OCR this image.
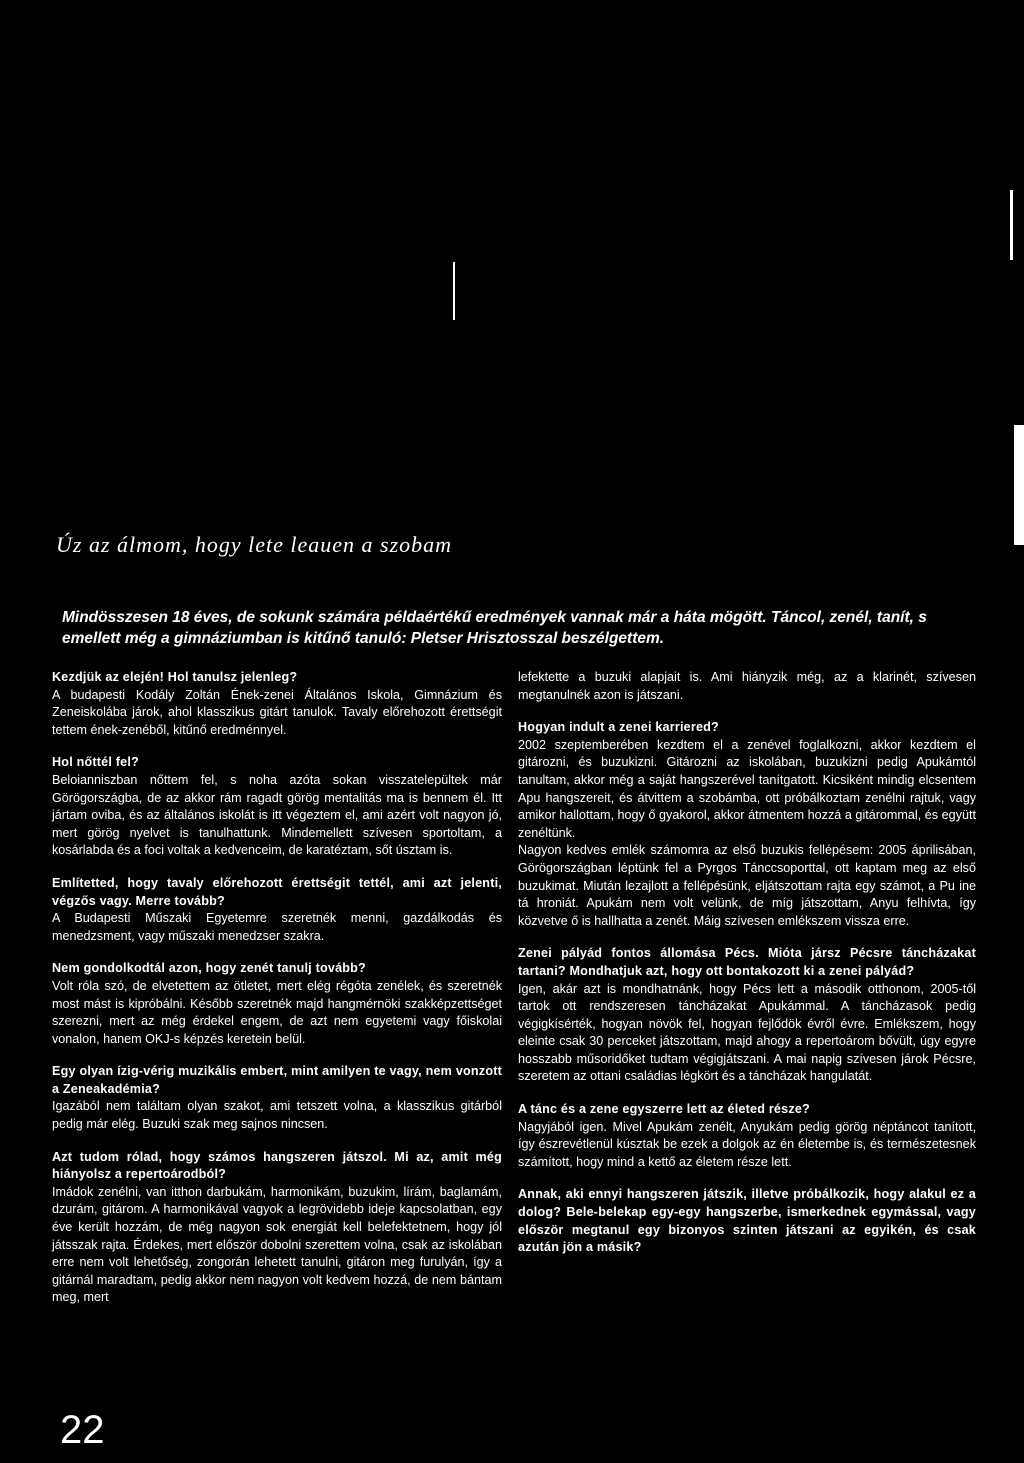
Úz az álmom, hogy lete leauen a szobam
Mindösszesen 18 éves, de sokunk számára példaértékű eredmények vannak már a háta mögött. Táncol, zenél, tanít, s emellett még a gimnáziumban is kitűnő tanuló: Pletser Hrisztosszal beszélgettem.

Kezdjük az elején! Hol tanulsz jelenleg?

A budapesti Kodály Zoltán Ének-zenei Általános Iskola, Gimnázium és Zeneiskolába járok, ahol klasszikus gitárt tanulok. Tavaly előrehozott érettségit tettem ének-zenéből, kitűnő eredménnyel.

Hol nőttél fel?

Beloianniszban nőttem fel, s noha azóta sokan visszatelepültek már Görögországba, de az akkor rám ragadt görög mentalitás ma is bennem él. Itt jártam oviba, és az általános iskolát is itt végeztem el, ami azért volt nagyon jó, mert görög nyelvet is tanulhattunk. Mindemellett szívesen sportoltam, a kosárlabda és a foci voltak a kedvenceim, de karatéztam, sőt úsztam is.

Említetted, hogy tavaly előrehozott érettségit tettél, ami azt jelenti, végzős vagy. Merre tovább?

A Budapesti Műszaki Egyetemre szeretnék menni, gazdálkodás és menedzsment, vagy műszaki menedzser szakra.

Nem gondolkodtál azon, hogy zenét tanulj tovább?

Volt róla szó, de elvetettem az ötletet, mert elég régóta zenélek, és szeretnék most mást is kipróbálni. Később szeretnék majd hangmérnöki szakképzettséget szerezni, mert az még érdekel engem, de azt nem egyetemi vagy főiskolai vonalon, hanem OKJ-s képzés keretein belül.

Egy olyan ízig-vérig muzikális embert, mint amilyen te vagy, nem vonzott a Zeneakadémia?

Igazából nem találtam olyan szakot, ami tetszett volna, a klasszikus gitárból pedig már elég. Buzuki szak meg sajnos nincsen.

Azt tudom rólad, hogy számos hangszeren játszol. Mi az, amit még hiányolsz a repertoárodból?

Imádok zenélni, van itthon darbukám, harmonikám, buzukim, lírám, baglamám, dzurám, gitárom. A harmonikával vagyok a legrövidebb ideje kapcsolatban, egy éve került hozzám, de még nagyon sok energiát kell belefektetnem, hogy jól játsszak rajta. Érdekes, mert először dobolni szerettem volna, csak az iskolában erre nem volt lehetőség, zongorán lehetett tanulni, gitáron meg furulyán, így a gitárnál maradtam, pedig akkor nem nagyon volt kedvem hozzá, de nem bántam meg, mert

lefektette a buzuki alapjait is. Ami hiányzik még, az a klarinét, szívesen megtanulnék azon is játszani.

Hogyan indult a zenei karriered?

2002 szeptemberében kezdtem el a zenével foglalkozni, akkor kezdtem el gitározni, és buzukizni. Gitározni az iskolában, buzukizni pedig Apukámtól tanultam, akkor még a saját hangszerével tanítgatott. Kicsiként mindig elcsentem Apu hangszereit, és átvittem a szobámba, ott próbálkoztam zenélni rajtuk, vagy amikor hallottam, hogy ő gyakorol, akkor átmentem hozzá a gitárommal, és együtt zenéltünk.

Nagyon kedves emlék számomra az első buzukis fellépésem: 2005 áprilisában, Görögországban léptünk fel a Pyrgos Tánccsoporttal, ott kaptam meg az első buzukimat. Miután lezajlott a fellépésünk, eljátszottam rajta egy számot, a Pu ine tá hroniát. Apukám nem volt velünk, de míg játszottam, Anyu felhívta, így közvetve ő is hallhatta a zenét. Máig szívesen emlékszem vissza erre.

Zenei pályád fontos állomása Pécs. Mióta jársz Pécsre táncházakat tartani? Mondhatjuk azt, hogy ott bontakozott ki a zenei pályád?

Igen, akár azt is mondhatnánk, hogy Pécs lett a második otthonom, 2005-től tartok ott rendszeresen táncházakat Apukámmal. A táncházasok pedig végigkísérték, hogyan növök fel, hogyan fejlődök évről évre. Emlékszem, hogy eleinte csak 30 perceket játszottam, majd ahogy a repertoárom bővült, úgy egyre hosszabb műsoridőket tudtam végigjátszani. A mai napig szívesen járok Pécsre, szeretem az ottani családias légkört és a táncházak hangulatát.

A tánc és a zene egyszerre lett az életed része?

Nagyjából igen. Mivel Apukám zenélt, Anyukám pedig görög néptáncot tanított, így észrevétlenül kúsztak be ezek a dolgok az én életembe is, és természetesnek számított, hogy mind a kettő az életem része lett.

Annak, aki ennyi hangszeren játszik, illetve próbálkozik, hogy alakul ez a dolog? Bele-belekap egy-egy hangszerbe, ismerkednek egymással, vagy először megtanul egy bizonyos szinten játszani az egyikén, és csak azután jön a másik?

22
